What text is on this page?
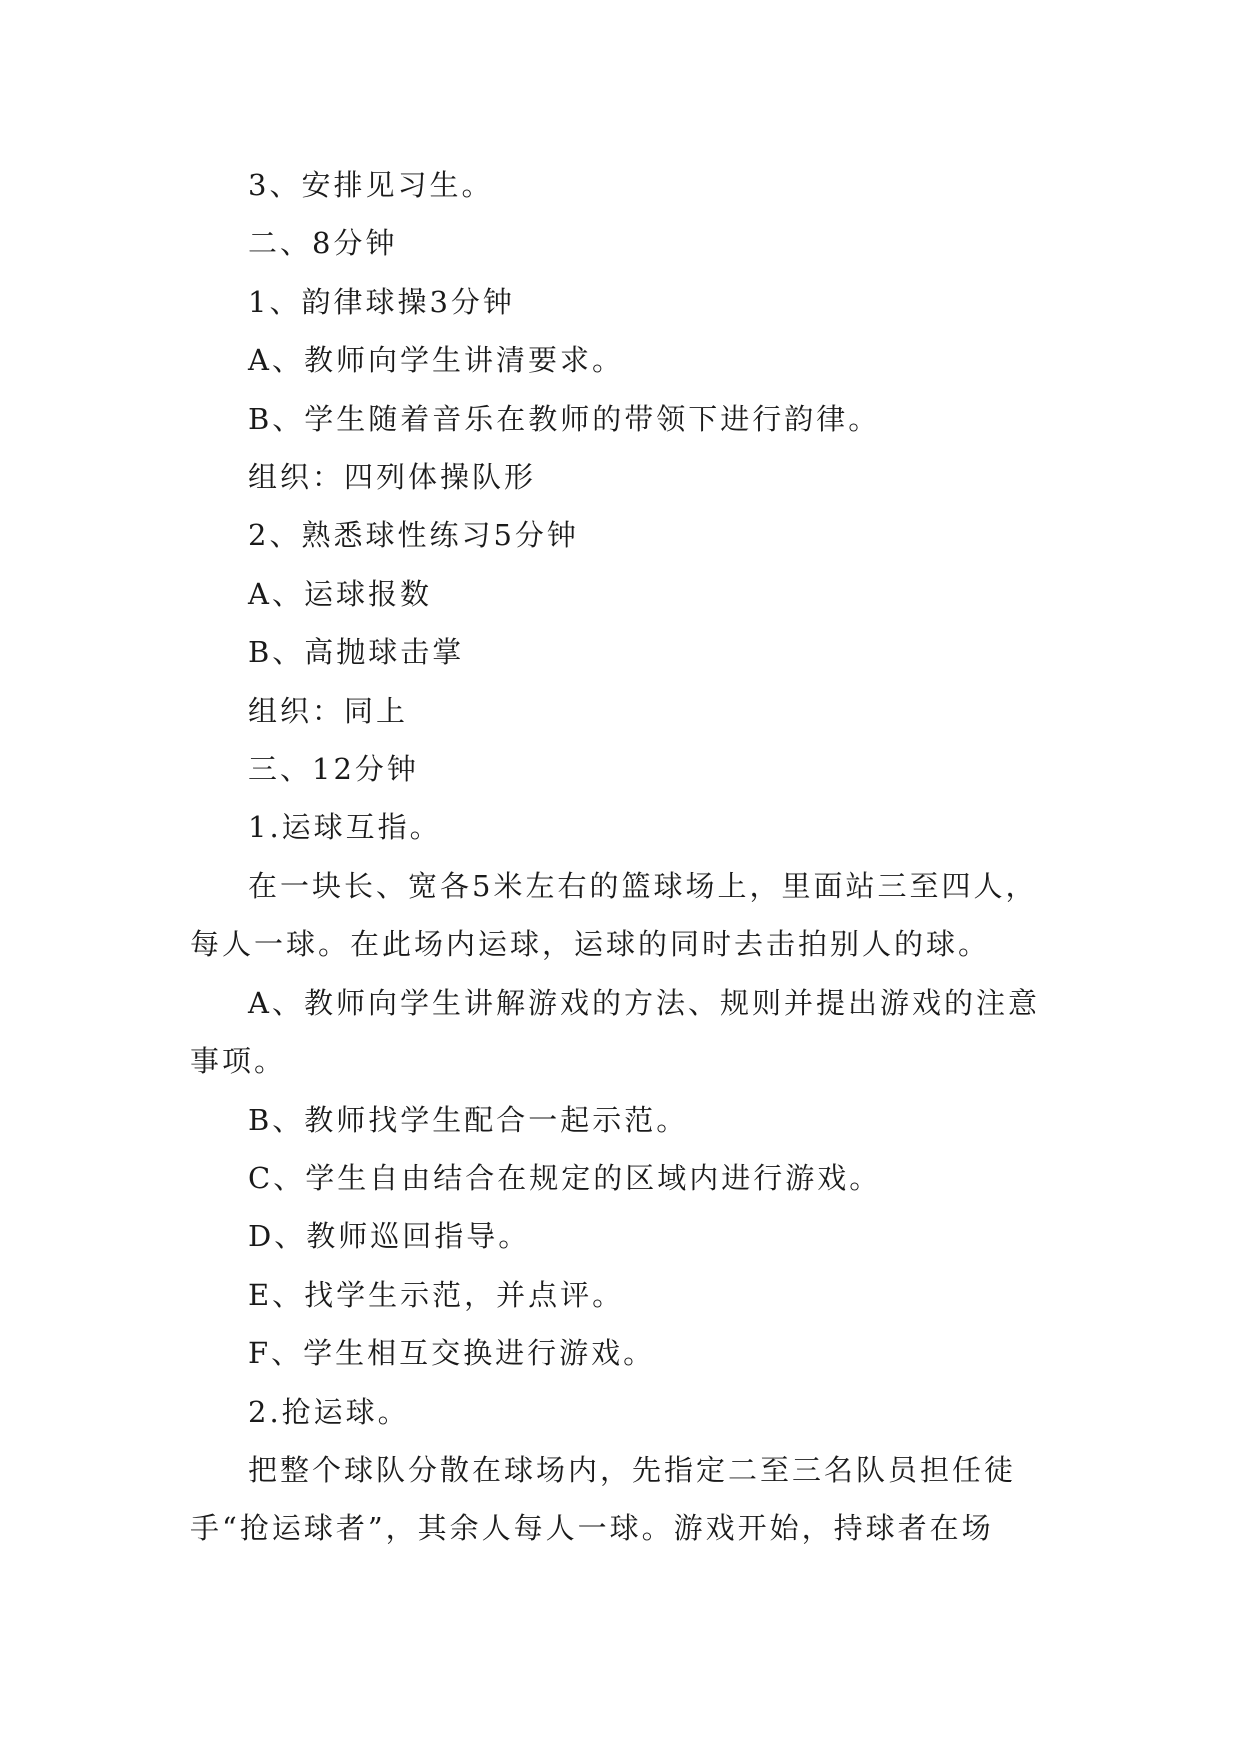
3、安排见习生。

二、8分钟

1、韵律球操3分钟

A、教师向学生讲清要求。

B、学生随着音乐在教师的带领下进行韵律。

组织：四列体操队形

2、熟悉球性练习5分钟

A、运球报数

B、高抛球击掌

组织：同上

三、12分钟

1.运球互指。

在一块长、宽各5米左右的篮球场上，里面站三至四人，每人一球。在此场内运球，运球的同时去击拍别人的球。

A、教师向学生讲解游戏的方法、规则并提出游戏的注意事项。

B、教师找学生配合一起示范。

C、学生自由结合在规定的区域内进行游戏。

D、教师巡回指导。

E、找学生示范，并点评。

F、学生相互交换进行游戏。

2.抢运球。

把整个球队分散在球场内，先指定二至三名队员担任徒手“抢运球者”，其余人每人一球。游戏开始，持球者在场
